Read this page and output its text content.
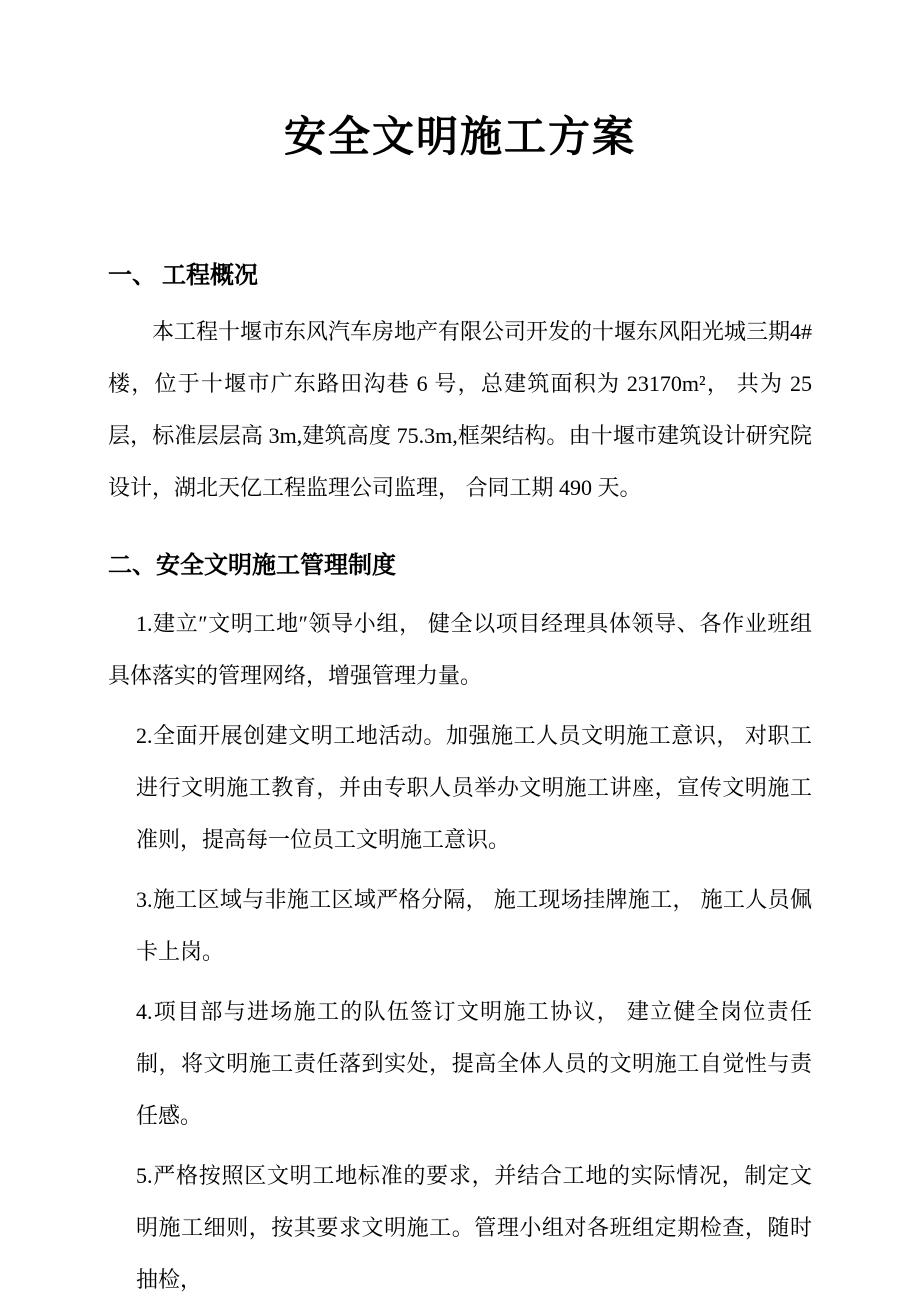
安全文明施工方案
一、 工程概况

本工程十堰市东风汽车房地产有限公司开发的十堰东风阳光城三期4#楼，位于十堰市广东路田沟巷 6 号，总建筑面积为 23170m²， 共为 25 层，标准层层高 3m,建筑高度 75.3m,框架结构。由十堰市建筑设计研究院设计，湖北天亿工程监理公司监理， 合同工期 490 天。

二、安全文明施工管理制度

1.建立″文明工地″领导小组， 健全以项目经理具体领导、各作业班组具体落实的管理网络，增强管理力量。

2.全面开展创建文明工地活动。加强施工人员文明施工意识， 对职工进行文明施工教育，并由专职人员举办文明施工讲座，宣传文明施工准则，提高每一位员工文明施工意识。

3.施工区域与非施工区域严格分隔， 施工现场挂牌施工， 施工人员佩卡上岗。

4.项目部与进场施工的队伍签订文明施工协议， 建立健全岗位责任制，将文明施工责任落到实处，提高全体人员的文明施工自觉性与责任感。

5.严格按照区文明工地标准的要求，并结合工地的实际情况，制定文明施工细则，按其要求文明施工。管理小组对各班组定期检查，随时抽检，
